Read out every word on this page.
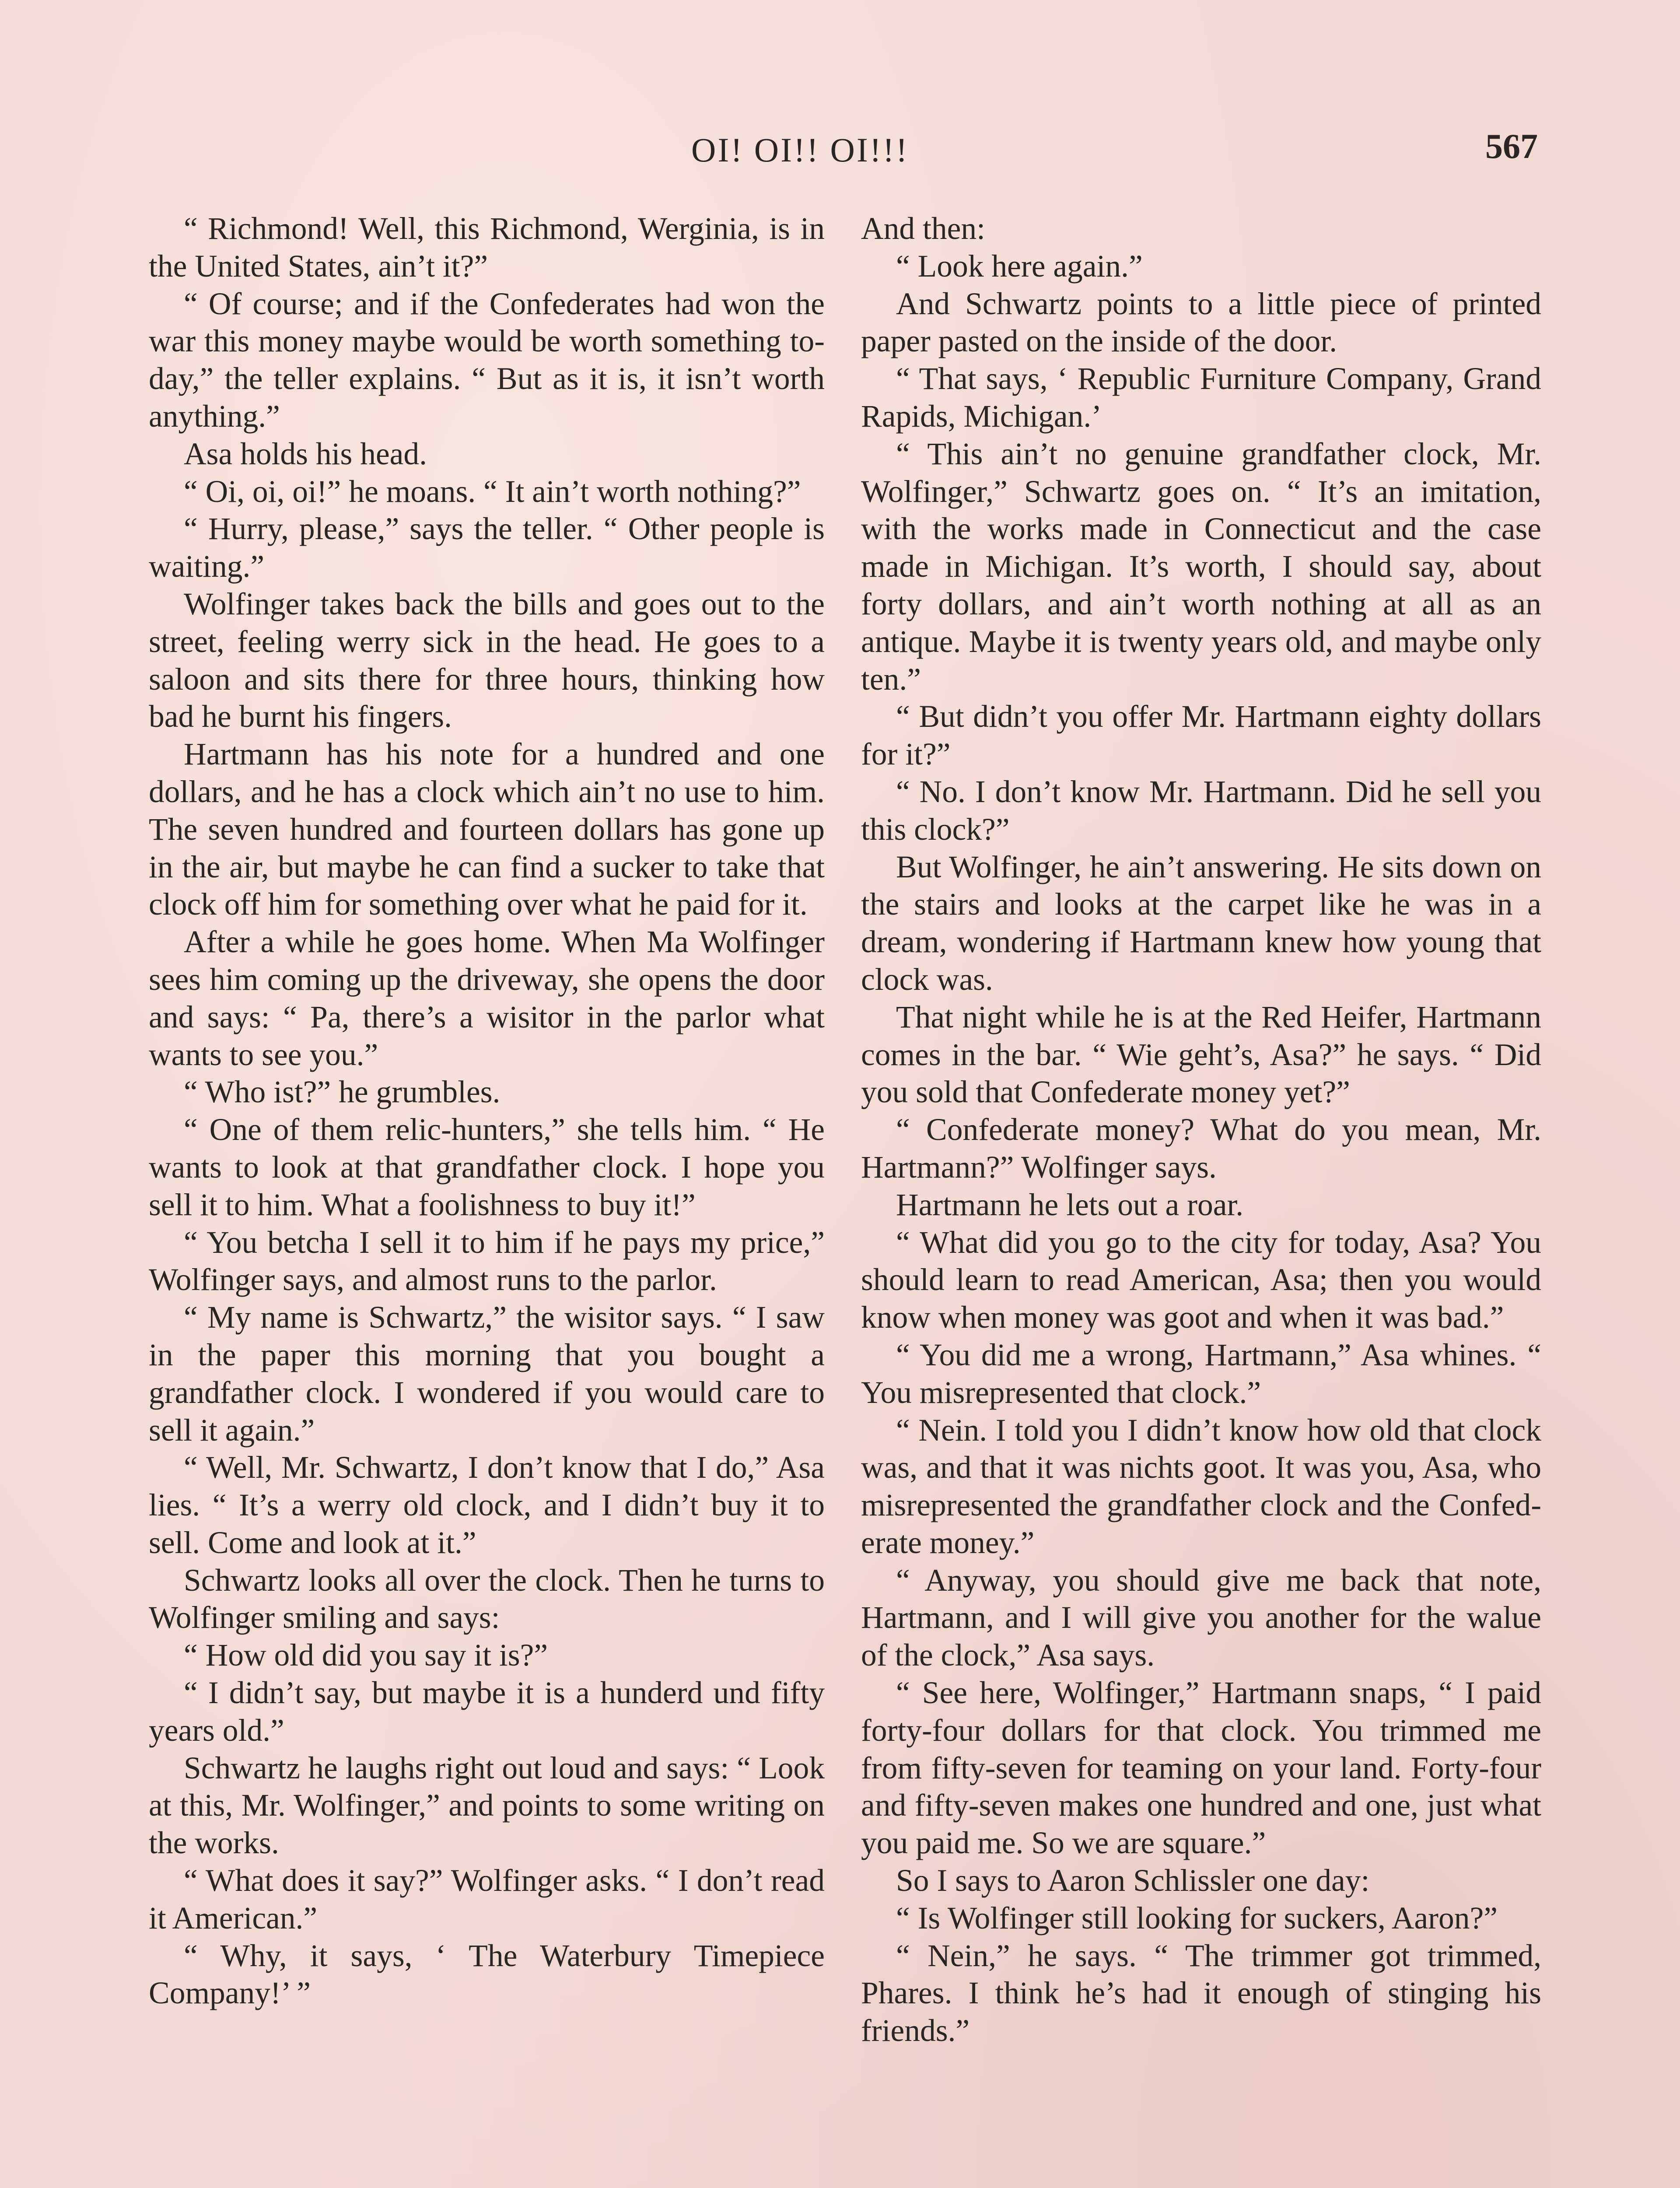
OI! OI!! OI!!!	567

“ Richmond! Well, this Richmond, Werginia, is in the United States, ain’t it?”

“ Of course; and if the Confederates had won the war this money maybe would be worth something to-day,” the teller explains. “ But as it is, it isn’t worth anything.”

Asa holds his head.

“ Oi, oi, oi!” he moans. “ It ain’t worth nothing?”

“ Hurry, please,” says the teller. “ Other people is waiting.”

Wolfinger takes back the bills and goes out to the street, feeling werry sick in the head. He goes to a saloon and sits there for three hours, thinking how bad he burnt his fingers.

Hartmann has his note for a hundred and one dollars, and he has a clock which ain’t no use to him. The seven hundred and fourteen dollars has gone up in the air, but maybe he can find a sucker to take that clock off him for something over what he paid for it.

After a while he goes home. When Ma Wolfinger sees him coming up the driveway, she opens the door and says: “ Pa, there’s a wisitor in the parlor what wants to see you.”

“ Who ist?” he grumbles.

“ One of them relic-hunters,” she tells him. “ He wants to look at that grandfather clock. I hope you sell it to him. What a foolishness to buy it!”

“ You betcha I sell it to him if he pays my price,” Wolfinger says, and almost runs to the parlor.

“ My name is Schwartz,” the wisitor says. “ I saw in the paper this morning that you bought a grandfather clock. I wondered if you would care to sell it again.”

“ Well, Mr. Schwartz, I don’t know that I do,” Asa lies. “ It’s a werry old clock, and I didn’t buy it to sell. Come and look at it.”

Schwartz looks all over the clock. Then he turns to Wolfinger smiling and says:

“ How old did you say it is?”

“ I didn’t say, but maybe it is a hunderd und fifty years old.”

Schwartz he laughs right out loud and says: “ Look at this, Mr. Wolfinger,” and points to some writing on the works.

“ What does it say?” Wolfinger asks. “ I don’t read it American.”

“ Why, it says, ‘ The Waterbury Timepiece Company!’ ”

And then:

“ Look here again.”

And Schwartz points to a little piece of printed paper pasted on the inside of the door.

“ That says, ‘ Republic Furniture Company, Grand Rapids, Michigan.’

“ This ain’t no genuine grandfather clock, Mr. Wolfinger,” Schwartz goes on. “ It’s an imitation, with the works made in Connecticut and the case made in Michigan. It’s worth, I should say, about forty dollars, and ain’t worth nothing at all as an antique. Maybe it is twenty years old, and maybe only ten.”

“ But didn’t you offer Mr. Hartmann eighty dollars for it?”

“ No. I don’t know Mr. Hartmann. Did he sell you this clock?”

But Wolfinger, he ain’t answering. He sits down on the stairs and looks at the carpet like he was in a dream, wondering if Hartmann knew how young that clock was.

That night while he is at the Red Heifer, Hartmann comes in the bar. “ Wie geht’s, Asa?” he says. “ Did you sold that Confederate money yet?”

“ Confederate money? What do you mean, Mr. Hartmann?” Wolfinger says.

Hartmann he lets out a roar.

“ What did you go to the city for today, Asa? You should learn to read American, Asa; then you would know when money was goot and when it was bad.”

“ You did me a wrong, Hartmann,” Asa whines. “ You misrepresented that clock.”

“ Nein. I told you I didn’t know how old that clock was, and that it was nichts goot. It was you, Asa, who misrepresented the grandfather clock and the Confederate money.”

“ Anyway, you should give me back that note, Hartmann, and I will give you another for the walue of the clock,” Asa says.

“ See here, Wolfinger,” Hartmann snaps, “ I paid forty-four dollars for that clock. You trimmed me from fifty-seven for teaming on your land. Forty-four and fifty-seven makes one hundred and one, just what you paid me. So we are square.”

So I says to Aaron Schlissler one day:

“ Is Wolfinger still looking for suckers, Aaron?”

“ Nein,” he says. “ The trimmer got trimmed, Phares. I think he’s had it enough of stinging his friends.”
